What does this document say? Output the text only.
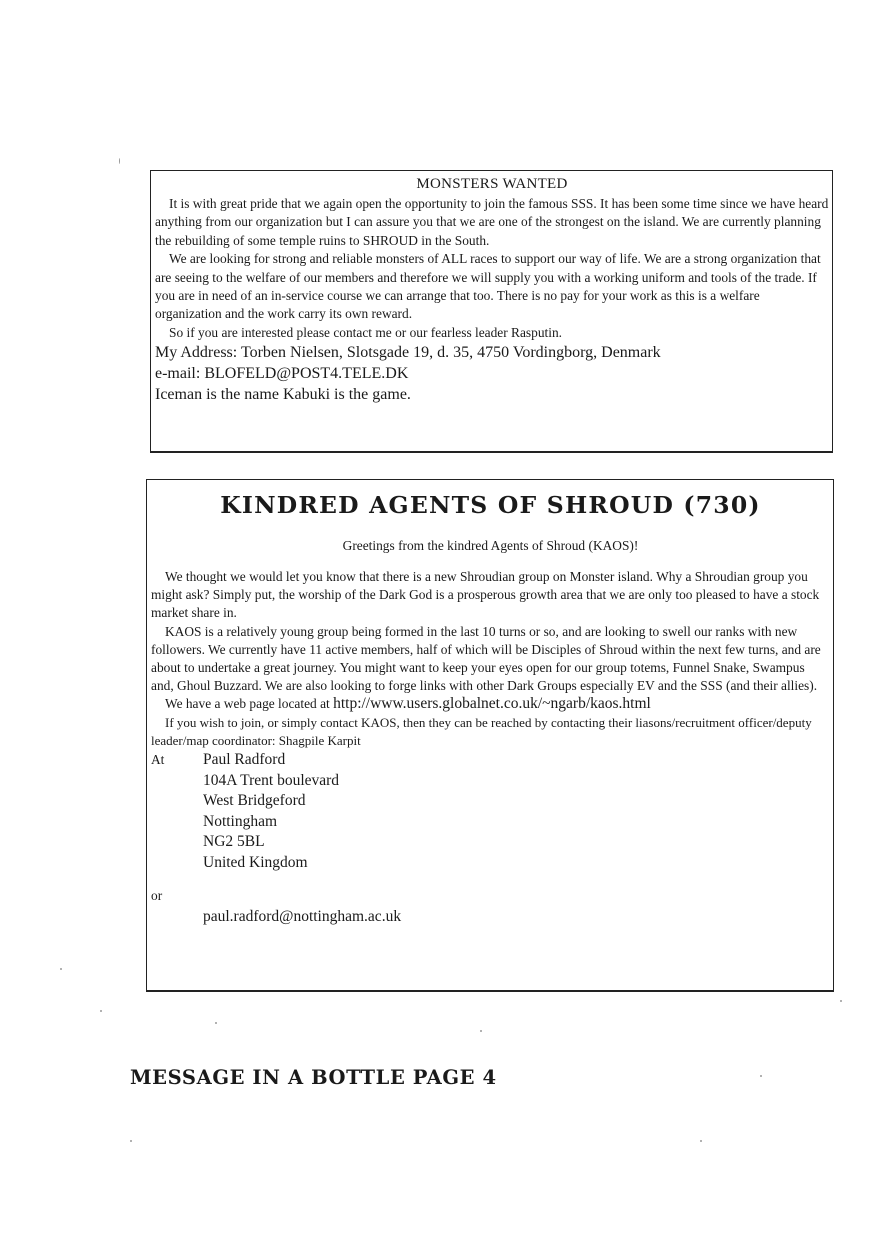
MONSTERS WANTED

It is with great pride that we again open the opportunity to join the famous SSS. It has been some time since we have heard anything from our organization but I can assure you that we are one of the strongest on the island. We are currently planning the rebuilding of some temple ruins to SHROUD in the South.

We are looking for strong and reliable monsters of ALL races to support our way of life. We are a strong organization that are seeing to the welfare of our members and therefore we will supply you with a working uniform and tools of the trade. If you are in need of an in-service course we can arrange that too. There is no pay for your work as this is a welfare organization and the work carry its own reward.

So if you are interested please contact me or our fearless leader Rasputin.

My Address: Torben Nielsen, Slotsgade 19, d. 35, 4750 Vordingborg, Denmark

e-mail: BLOFELD@POST4.TELE.DK

Iceman is the name Kabuki is the game.

KINDRED AGENTS OF SHROUD (730)
Greetings from the kindred Agents of Shroud (KAOS)!

We thought we would let you know that there is a new Shroudian group on Monster island. Why a Shroudian group you might ask? Simply put, the worship of the Dark God is a prosperous growth area that we are only too pleased to have a stock market share in.

KAOS is a relatively young group being formed in the last 10 turns or so, and are looking to swell our ranks with new followers. We currently have 11 active members, half of which will be Disciples of Shroud within the next few turns, and are about to undertake a great journey. You might want to keep your eyes open for our group totems, Funnel Snake, Swampus and, Ghoul Buzzard. We are also looking to forge links with other Dark Groups especially EV and the SSS (and their allies).

We have a web page located at http://www.users.globalnet.co.uk/~ngarb/kaos.html

If you wish to join, or simply contact KAOS, then they can be reached by contacting their liasons/recruitment officer/deputy leader/map coordinator: Shagpile Karpit

At Paul Radford
104A Trent boulevard
West Bridgeford
Nottingham
NG2 5BL
United Kingdom
or
paul.radford@nottingham.ac.uk
MESSAGE IN A BOTTLE PAGE 4
